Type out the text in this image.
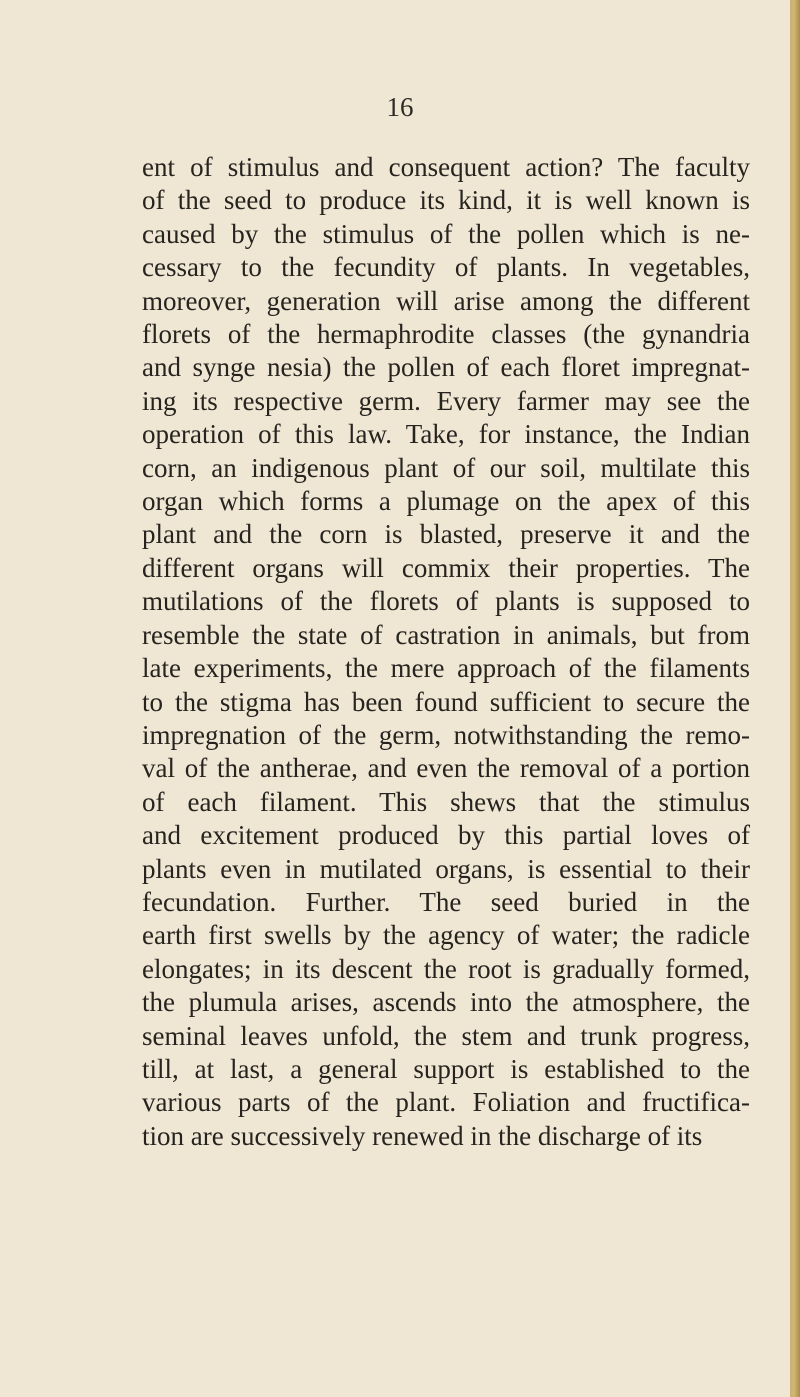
16

ent of stimulus and consequent action? The faculty
of the seed to produce its kind, it is well known is
caused by the stimulus of the pollen which is ne-
cessary to the fecundity of plants. In vegetables,
moreover, generation will arise among the different
florets of the hermaphrodite classes (the gynandria
and synge nesia) the pollen of each floret impregnat-
ing its respective germ. Every farmer may see the
operation of this law. Take, for instance, the Indian
corn, an indigenous plant of our soil, multilate this
organ which forms a plumage on the apex of this
plant and the corn is blasted, preserve it and the
different organs will commix their properties. The
mutilations of the florets of plants is supposed to
resemble the state of castration in animals, but from
late experiments, the mere approach of the filaments
to the stigma has been found sufficient to secure the
impregnation of the germ, notwithstanding the remo-
val of the antherae, and even the removal of a portion
of each filament. This shews that the stimulus
and excitement produced by this partial loves of
plants even in mutilated organs, is essential to their
fecundation. Further. The seed buried in the
earth first swells by the agency of water; the radicle
elongates; in its descent the root is gradually formed,
the plumula arises, ascends into the atmosphere, the
seminal leaves unfold, the stem and trunk progress,
till, at last, a general support is established to the
various parts of the plant. Foliation and fructifica-
tion are successively renewed in the discharge of its
